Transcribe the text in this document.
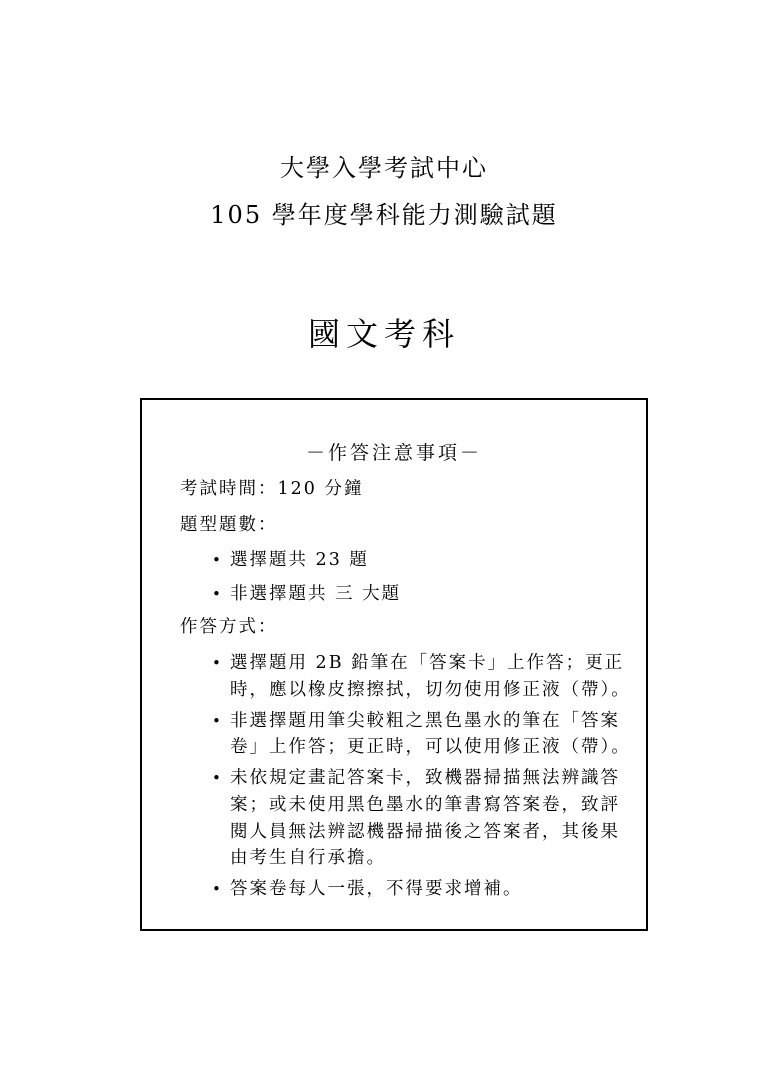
大學入學考試中心
105 學年度學科能力測驗試題
國文考科
－作答注意事項－
考試時間：120 分鐘
題型題數：
• 選擇題共 23 題
• 非選擇題共 三 大題
作答方式：
• 選擇題用 2B 鉛筆在「答案卡」上作答；更正
時，應以橡皮擦擦拭，切勿使用修正液（帶）。
• 非選擇題用筆尖較粗之黑色墨水的筆在「答案
卷」上作答；更正時，可以使用修正液（帶）。
• 未依規定畫記答案卡，致機器掃描無法辨識答
案；或未使用黑色墨水的筆書寫答案卷，致評
閱人員無法辨認機器掃描後之答案者，其後果
由考生自行承擔。
• 答案卷每人一張，不得要求增補。
